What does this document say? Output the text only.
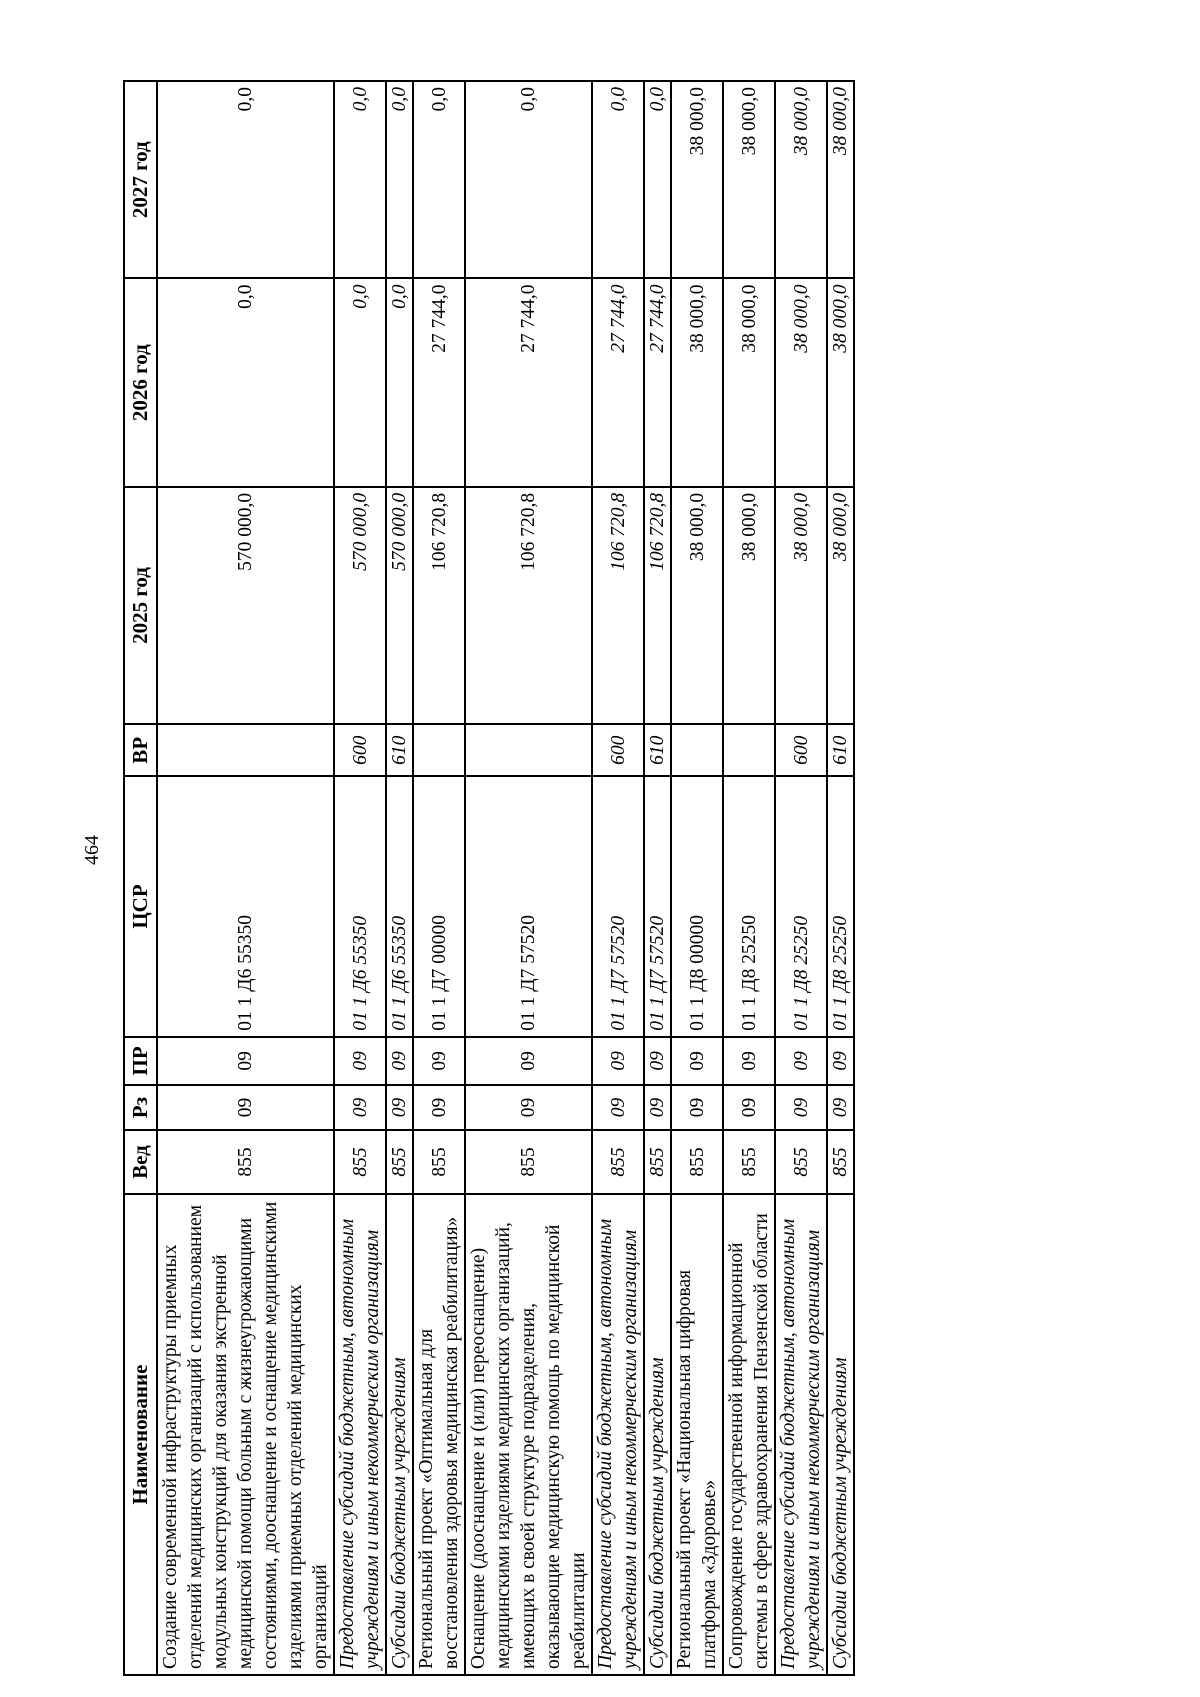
464
Наименование	Вед	Рз	ПР	ЦСР	ВР	2025 год	2026 год	2027 год
Создание современной инфраструктуры приемных отделений медицинских организаций с использованием модульных конструкций для оказания экстренной медицинской помощи больным с жизнеугрожающими состояниями, дооснащение и оснащение медицинскими изделиями приемных отделений медицинских организаций	855	09	09	01 1 Д6 55350		570 000,0	0,0	0,0
Предоставление субсидий бюджетным, автономным учреждениям и иным некоммерческим организациям	855	09	09	01 1 Д6 55350	600	570 000,0	0,0	0,0
Субсидии бюджетным учреждениям	855	09	09	01 1 Д6 55350	610	570 000,0	0,0	0,0
Региональный проект «Оптимальная для восстановления здоровья медицинская реабилитация»	855	09	09	01 1 Д7 00000		106 720,8	27 744,0	0,0
Оснащение (дооснащение и (или) переоснащение) медицинскими изделиями медицинских организаций, имеющих в своей структуре подразделения, оказывающие медицинскую помощь по медицинской реабилитации	855	09	09	01 1 Д7 57520		106 720,8	27 744,0	0,0
Предоставление субсидий бюджетным, автономным учреждениям и иным некоммерческим организациям	855	09	09	01 1 Д7 57520	600	106 720,8	27 744,0	0,0
Субсидии бюджетным учреждениям	855	09	09	01 1 Д7 57520	610	106 720,8	27 744,0	0,0
Региональный проект «Национальная цифровая платформа «Здоровье»	855	09	09	01 1 Д8 00000		38 000,0	38 000,0	38 000,0
Сопровождение государственной информационной системы в сфере здравоохранения Пензенской области	855	09	09	01 1 Д8 25250		38 000,0	38 000,0	38 000,0
Предоставление субсидий бюджетным, автономным учреждениям и иным некоммерческим организациям	855	09	09	01 1 Д8 25250	600	38 000,0	38 000,0	38 000,0
Субсидии бюджетным учреждениям	855	09	09	01 1 Д8 25250	610	38 000,0	38 000,0	38 000,0
